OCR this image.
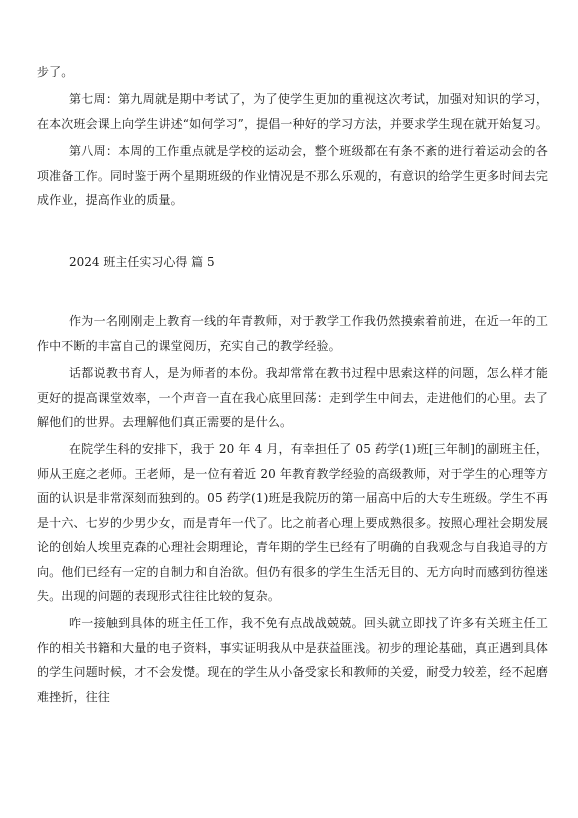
步了。

第七周：第九周就是期中考试了，为了使学生更加的重视这次考试，加强对知识的学习，在本次班会课上向学生讲述“如何学习”，提倡一种好的学习方法，并要求学生现在就开始复习。

第八周：本周的工作重点就是学校的运动会，整个班级都在有条不紊的进行着运动会的各项准备工作。同时鉴于两个星期班级的作业情况是不那么乐观的，有意识的给学生更多时间去完成作业，提高作业的质量。

2024 班主任实习心得 篇 5

作为一名刚刚走上教育一线的年青教师，对于教学工作我仍然摸索着前进，在近一年的工作中不断的丰富自己的课堂阅历，充实自己的教学经验。

话都说教书育人，是为师者的本份。我却常常在教书过程中思索这样的问题，怎么样才能更好的提高课堂效率，一个声音一直在我心底里回荡：走到学生中间去，走进他们的心里。去了解他们的世界。去理解他们真正需要的是什么。

在院学生科的安排下，我于 20 年 4 月，有幸担任了 05 药学(1)班[三年制]的副班主任，师从王庭之老师。王老师，是一位有着近 20 年教育教学经验的高级教师，对于学生的心理等方面的认识是非常深刻而独到的。05 药学(1)班是我院历的第一届高中后的大专生班级。学生不再是十六、七岁的少男少女，而是青年一代了。比之前者心理上要成熟很多。按照心理社会期发展论的创始人埃里克森的心理社会期理论，青年期的学生已经有了明确的自我观念与自我追寻的方向。他们已经有一定的自制力和自治欲。但仍有很多的学生生活无目的、无方向时而感到彷徨迷失。出现的问题的表现形式往往比较的复杂。

咋一接触到具体的班主任工作，我不免有点战战兢兢。回头就立即找了许多有关班主任工作的相关书籍和大量的电子资料，事实证明我从中是获益匪浅。初步的理论基础，真正遇到具体的学生问题时候，才不会发憷。现在的学生从小备受家长和教师的关爱，耐受力较差，经不起磨难挫折，往往
